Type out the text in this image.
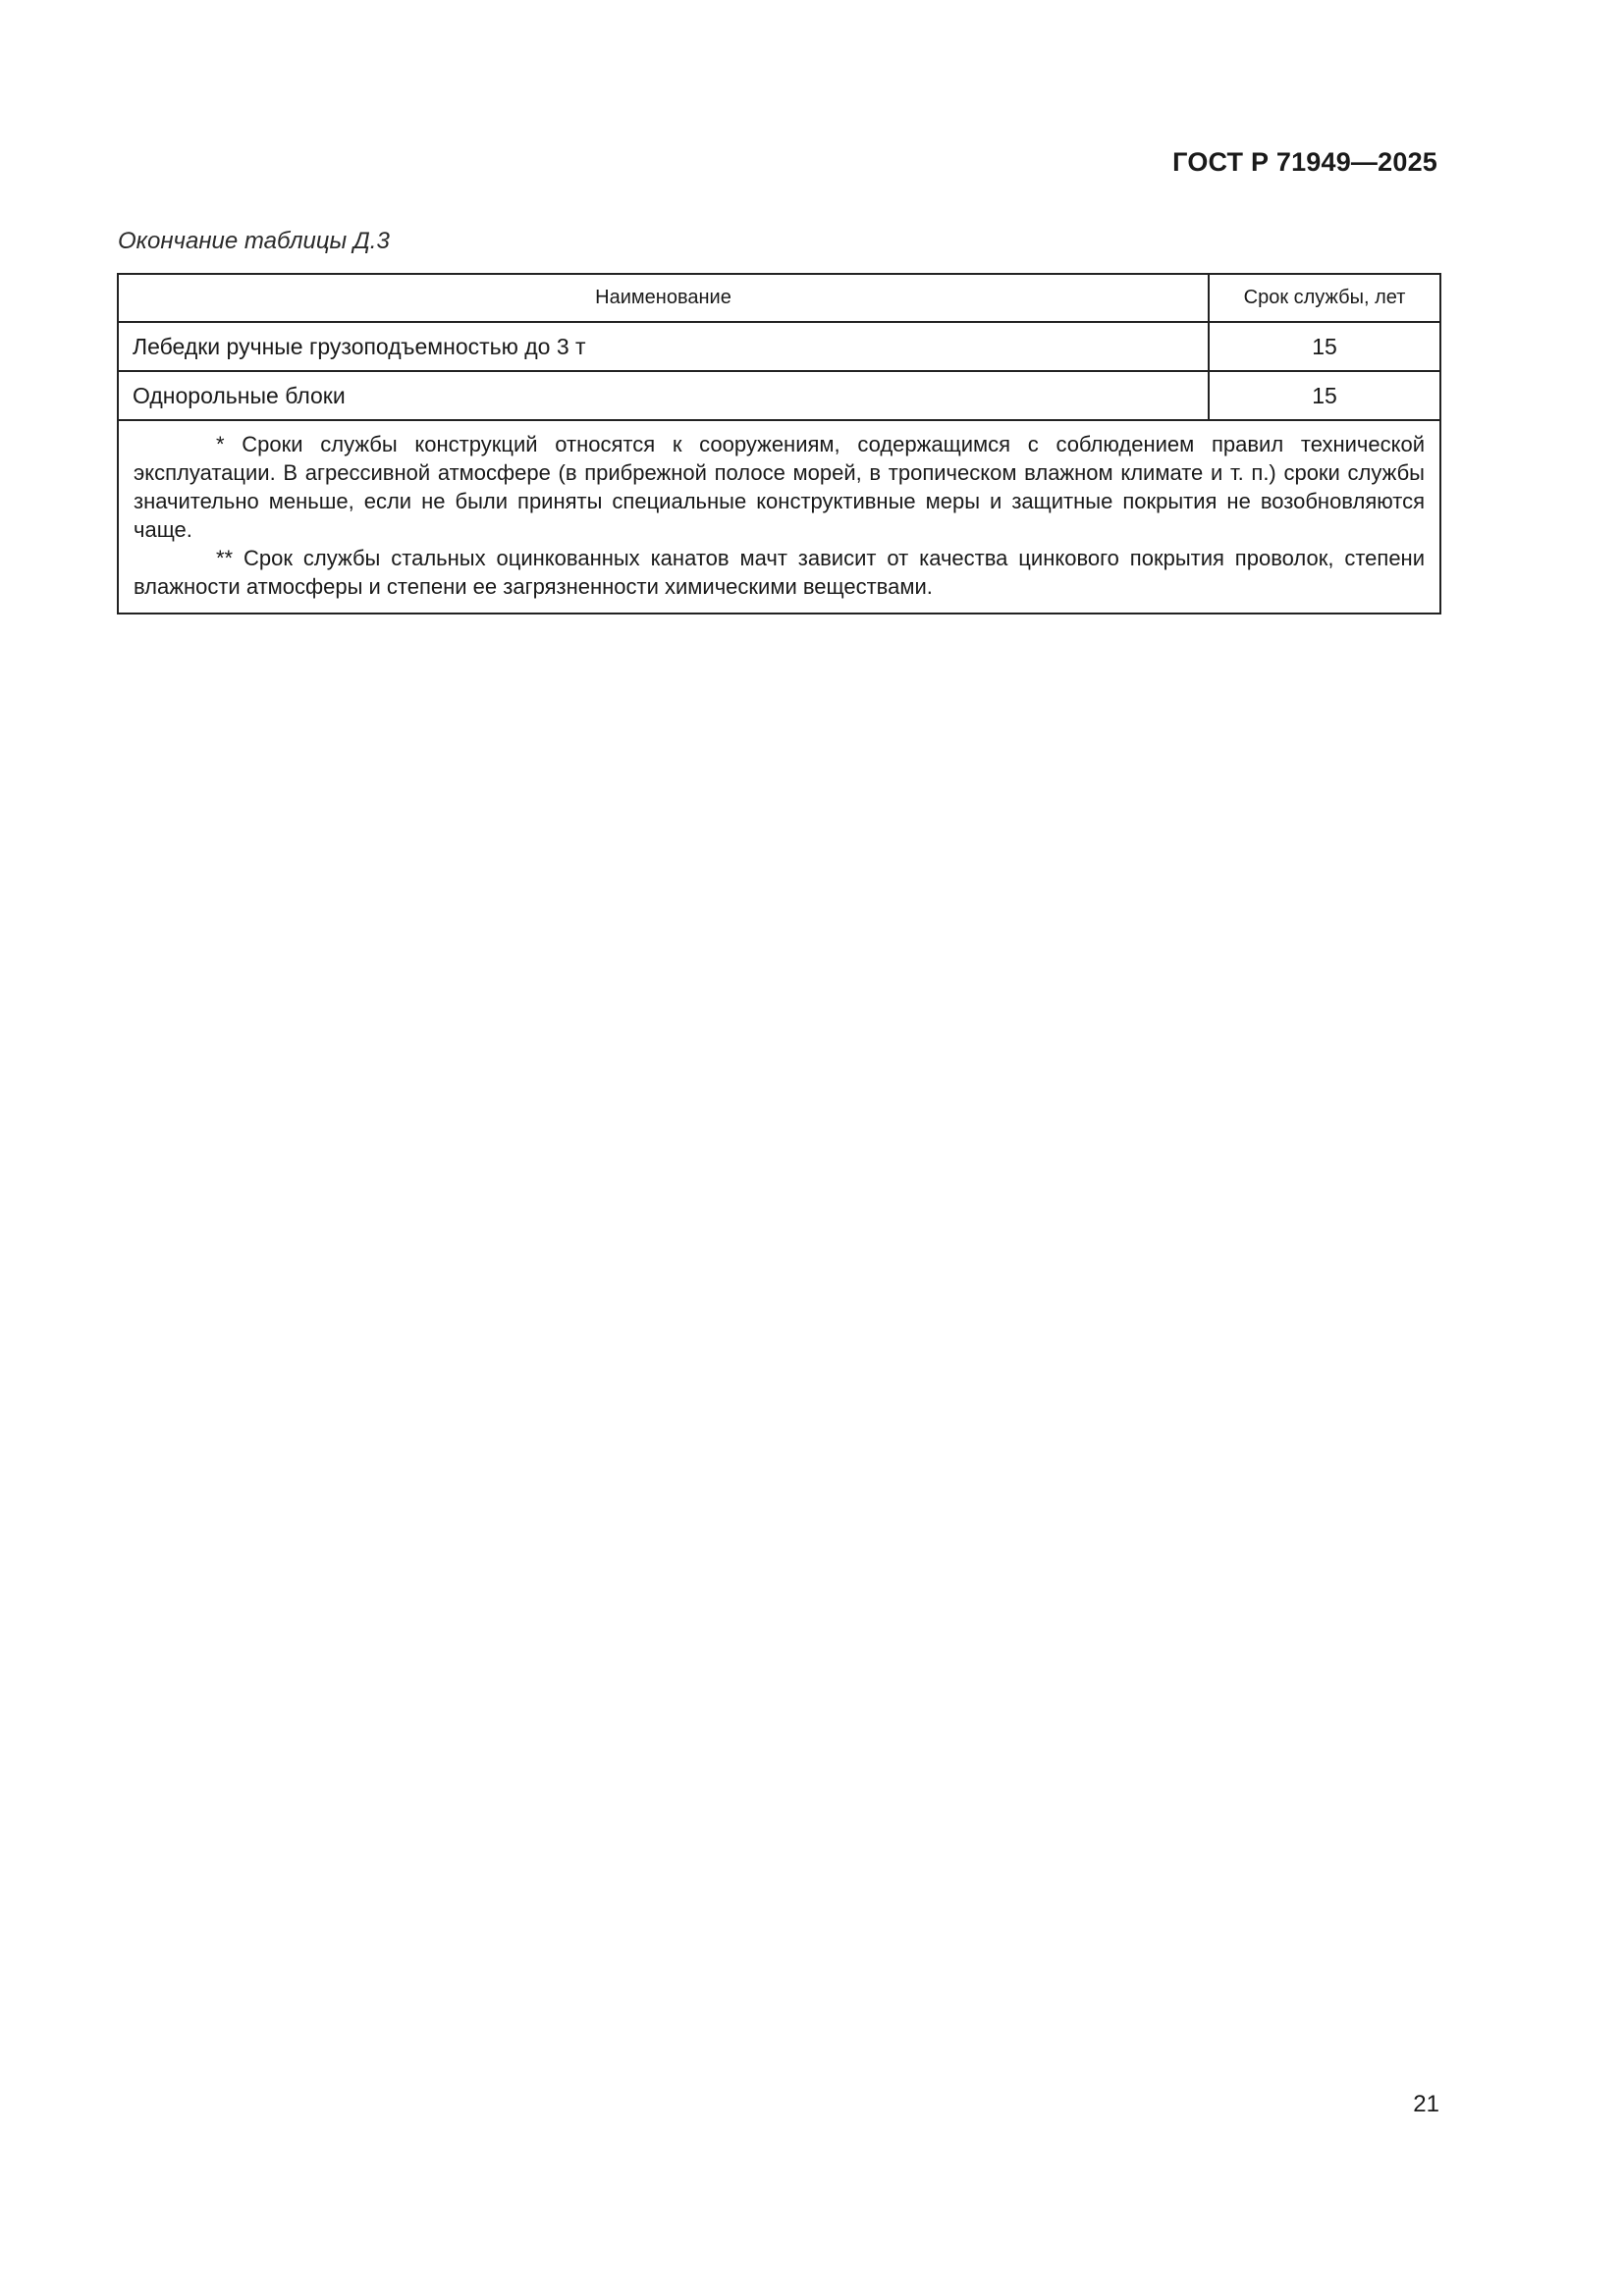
ГОСТ Р 71949—2025
Окончание таблицы Д.3
Наименование	Срок службы, лет
Лебедки ручные грузоподъемностью до 3 т	15
Однорольные блоки	15

* Сроки службы конструкций относятся к сооружениям, содержащимся с соблюдением правил технической эксплуатации. В агрессивной атмосфере (в прибрежной полосе морей, в тропическом влажном климате и т. п.) сроки службы значительно меньше, если не были приняты специальные конструктивные меры и защитные покрытия не возобновляются чаще.

** Срок службы стальных оцинкованных канатов мачт зависит от качества цинкового покрытия проволок, степени влажности атмосферы и степени ее загрязненности химическими веществами.

21
